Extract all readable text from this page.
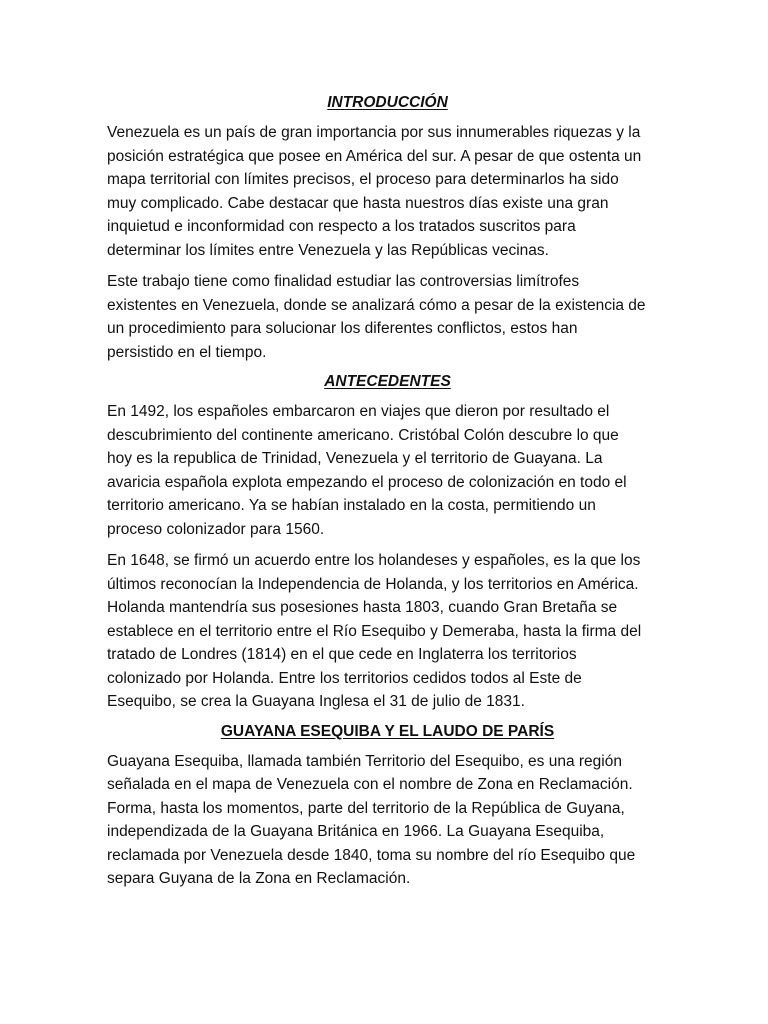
INTRODUCCIÓN
Venezuela es un país de gran importancia por sus innumerables riquezas y la
posición estratégica que posee en América del sur. A pesar de que ostenta un
mapa territorial con límites precisos, el proceso para determinarlos ha sido
muy complicado. Cabe destacar que hasta nuestros días existe una gran
inquietud e inconformidad con respecto a los tratados suscritos para
determinar los límites entre Venezuela y las Repúblicas vecinas.
Este trabajo tiene como finalidad estudiar las controversias limítrofes
existentes en Venezuela, donde se analizará cómo a pesar de la existencia de
un procedimiento para solucionar los diferentes conflictos, estos han
persistido en el tiempo.
ANTECEDENTES
En 1492, los españoles embarcaron en viajes que dieron por resultado el
descubrimiento del continente americano. Cristóbal Colón descubre lo que
hoy es la republica de Trinidad, Venezuela y el territorio de Guayana. La
avaricia española explota empezando el proceso de colonización en todo el
territorio americano. Ya se habían instalado en la costa, permitiendo un
proceso colonizador para 1560.
En 1648, se firmó un acuerdo entre los holandeses y españoles, es la que los
últimos reconocían la Independencia de Holanda, y los territorios en América.
Holanda mantendría sus posesiones hasta 1803, cuando Gran Bretaña se
establece en el territorio entre el Río Esequibo y Demeraba, hasta la firma del
tratado de Londres (1814) en el que cede en Inglaterra los territorios
colonizado por Holanda. Entre los territorios cedidos todos al Este de
Esequibo, se crea la Guayana Inglesa el 31 de julio de 1831.
GUAYANA ESEQUIBA Y EL LAUDO DE PARÍS
Guayana Esequiba, llamada también Territorio del Esequibo, es una región
señalada en el mapa de Venezuela con el nombre de Zona en Reclamación.
Forma, hasta los momentos, parte del territorio de la República de Guyana,
independizada de la Guayana Británica en 1966. La Guayana Esequiba,
reclamada por Venezuela desde 1840, toma su nombre del río Esequibo que
separa Guyana de la Zona en Reclamación.
